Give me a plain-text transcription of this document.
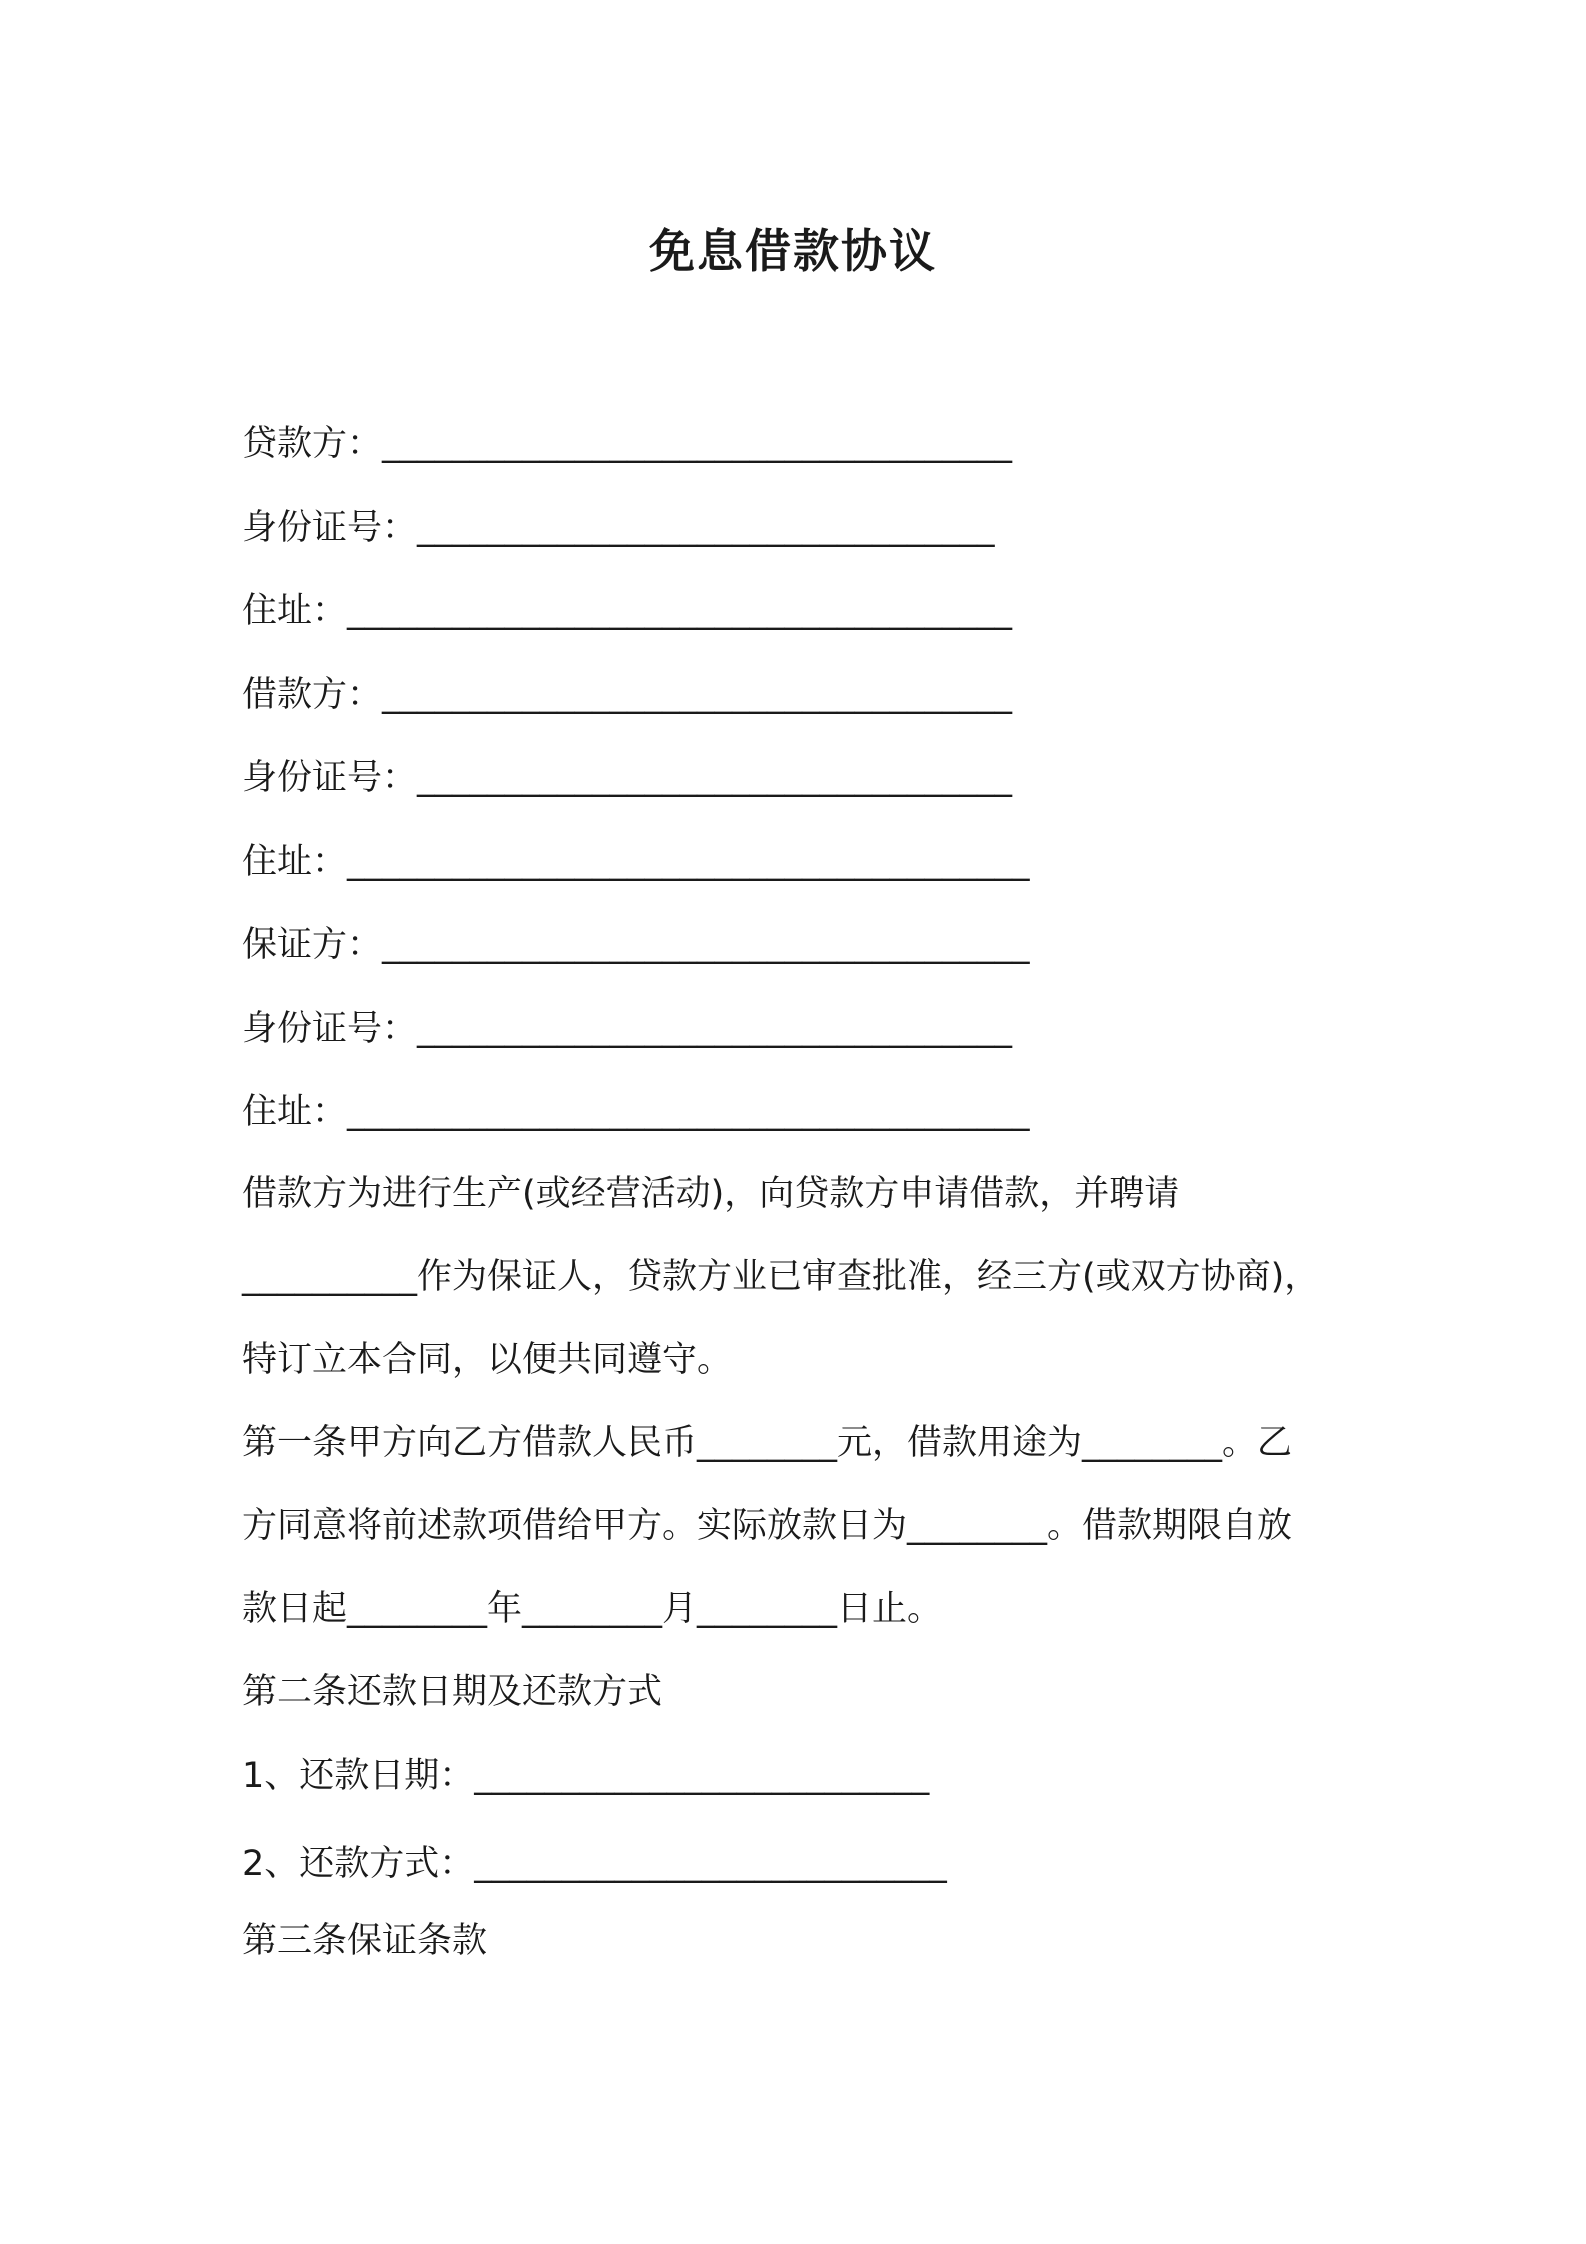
免息借款协议
贷款方：____________________________________
身份证号：_________________________________
住址：______________________________________
借款方：____________________________________
身份证号：__________________________________
住址：_______________________________________
保证方：_____________________________________
身份证号：__________________________________
住址：_______________________________________
借款方为进行生产(或经营活动)，向贷款方申请借款，并聘请
__________作为保证人，贷款方业已审查批准，经三方(或双方协商)，
特订立本合同，以便共同遵守。
第一条甲方向乙方借款人民币________元，借款用途为________。乙
方同意将前述款项借给甲方。实际放款日为________。借款期限自放
款日起________年________月________日止。
第二条还款日期及还款方式
1、还款日期：__________________________
2、还款方式：___________________________
第三条保证条款
